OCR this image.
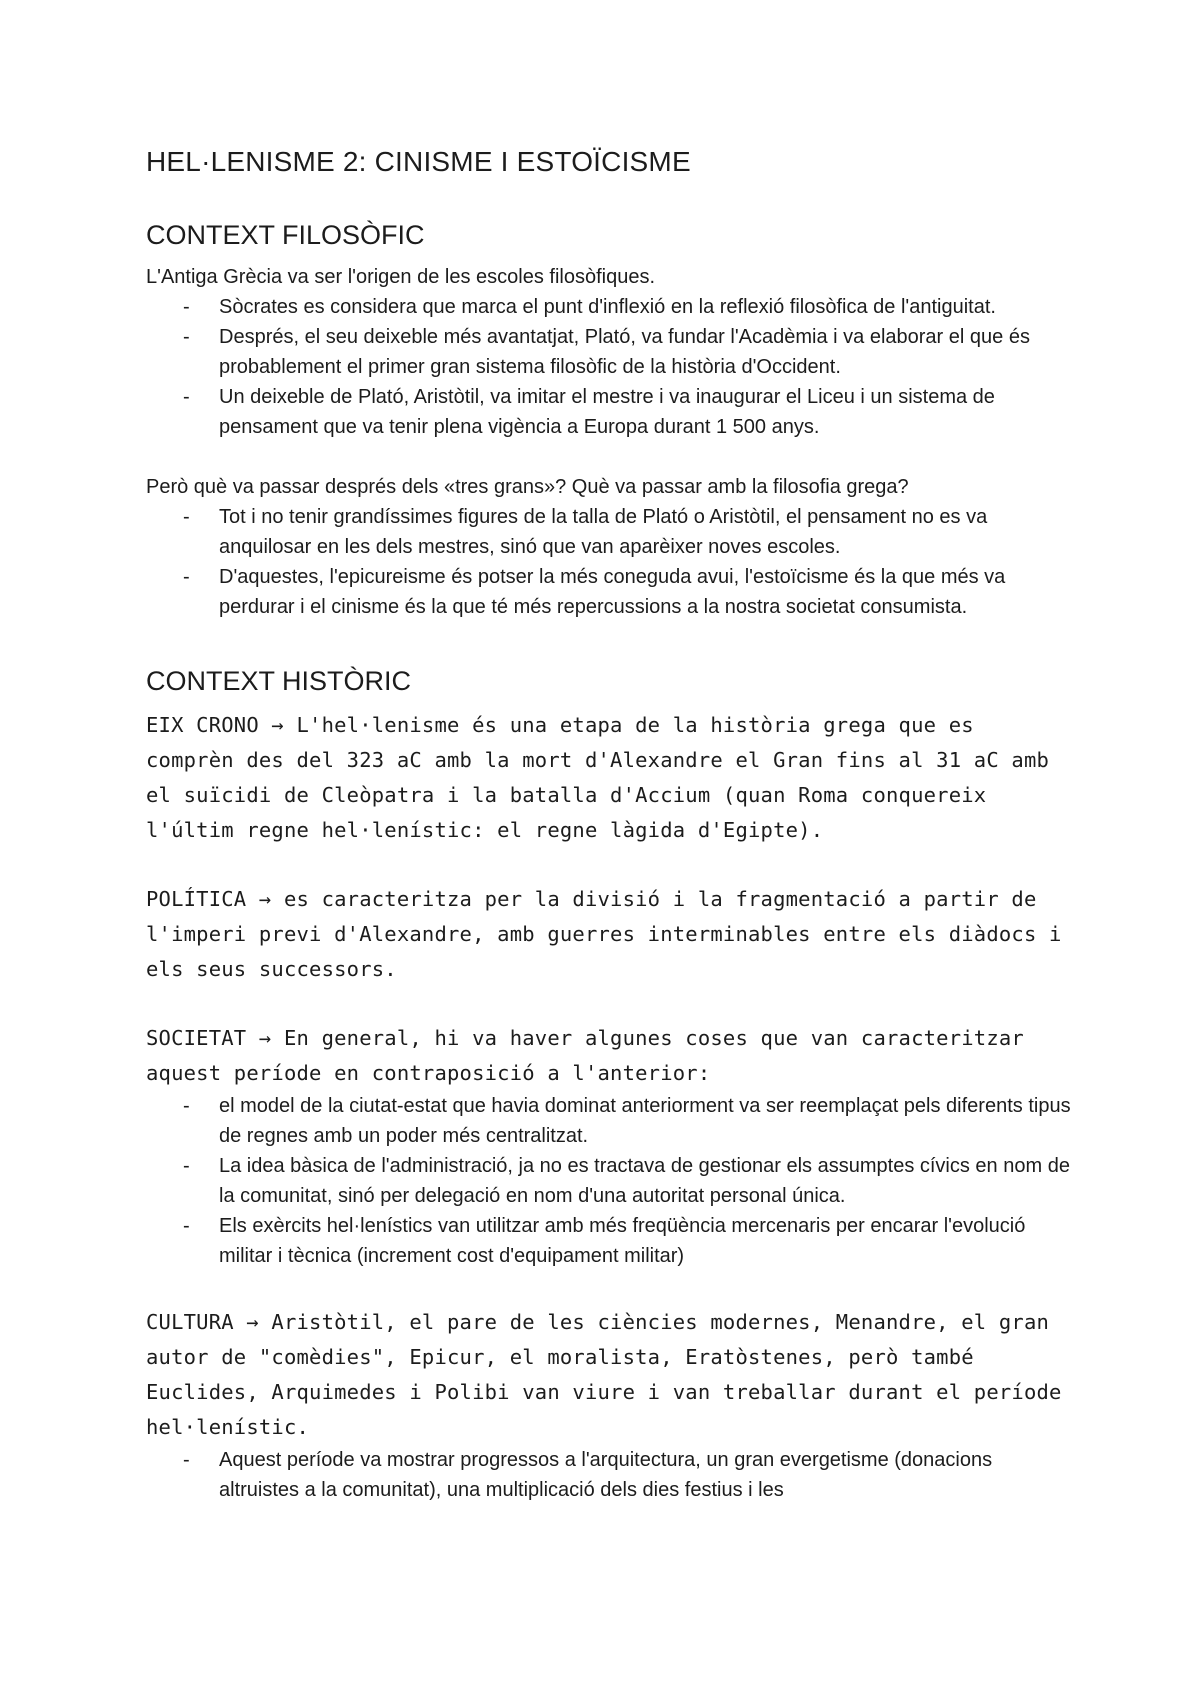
HEL·LENISME 2: CINISME I ESTOÏCISME
CONTEXT FILOSÒFIC

L'Antiga Grècia va ser l'origen de les escoles filosòfiques.

- Sòcrates es considera que marca el punt d'inflexió en la reflexió filosòfica de l'antiguitat.
- Després, el seu deixeble més avantatjat, Plató, va fundar l'Acadèmia i va elaborar el que és probablement el primer gran sistema filosòfic de la història d'Occident.
- Un deixeble de Plató, Aristòtil, va imitar el mestre i va inaugurar el Liceu i un sistema de pensament que va tenir plena vigència a Europa durant 1 500 anys.

Però què va passar després dels «tres grans»? Què va passar amb la filosofia grega?

- Tot i no tenir grandíssimes figures de la talla de Plató o Aristòtil, el pensament no es va anquilosar en les dels mestres, sinó que van aparèixer noves escoles.
- D'aquestes, l'epicureisme és potser la més coneguda avui, l'estoïcisme és la que més va perdurar i el cinisme és la que té més repercussions a la nostra societat consumista.
CONTEXT HISTÒRIC
EIX CRONO → L'hel·lenisme és una etapa de la història grega que es
comprèn des del 323 aC amb la mort d'Alexandre el Gran fins al 31 aC amb
el suïcidi de Cleòpatra i la batalla d'Accium (quan Roma conquereix
l'últim regne hel·lenístic: el regne làgida d'Egipte).
POLÍTICA → es caracteritza per la divisió i la fragmentació a partir de
l'imperi previ d'Alexandre, amb guerres interminables entre els diàdocs i
els seus successors.
SOCIETAT → En general, hi va haver algunes coses que van caracteritzar
aquest període en contraposició a l'anterior:
- el model de la ciutat-estat que havia dominat anteriorment va ser reemplaçat pels diferents tipus de regnes amb un poder més centralitzat.
- La idea bàsica de l'administració, ja no es tractava de gestionar els assumptes cívics en nom de la comunitat, sinó per delegació en nom d'una autoritat personal única.
- Els exèrcits hel·lenístics van utilitzar amb més freqüència mercenaris per encarar l'evolució militar i tècnica (increment cost d'equipament militar)
CULTURA → Aristòtil, el pare de les ciències modernes, Menandre, el gran
autor de "comèdies", Epicur, el moralista, Eratòstenes, però també
Euclides, Arquimedes i Polibi van viure i van treballar durant el període
hel·lenístic.
- Aquest període va mostrar progressos a l'arquitectura, un gran evergetisme (donacions altruistes a la comunitat), una multiplicació dels dies festius i les
